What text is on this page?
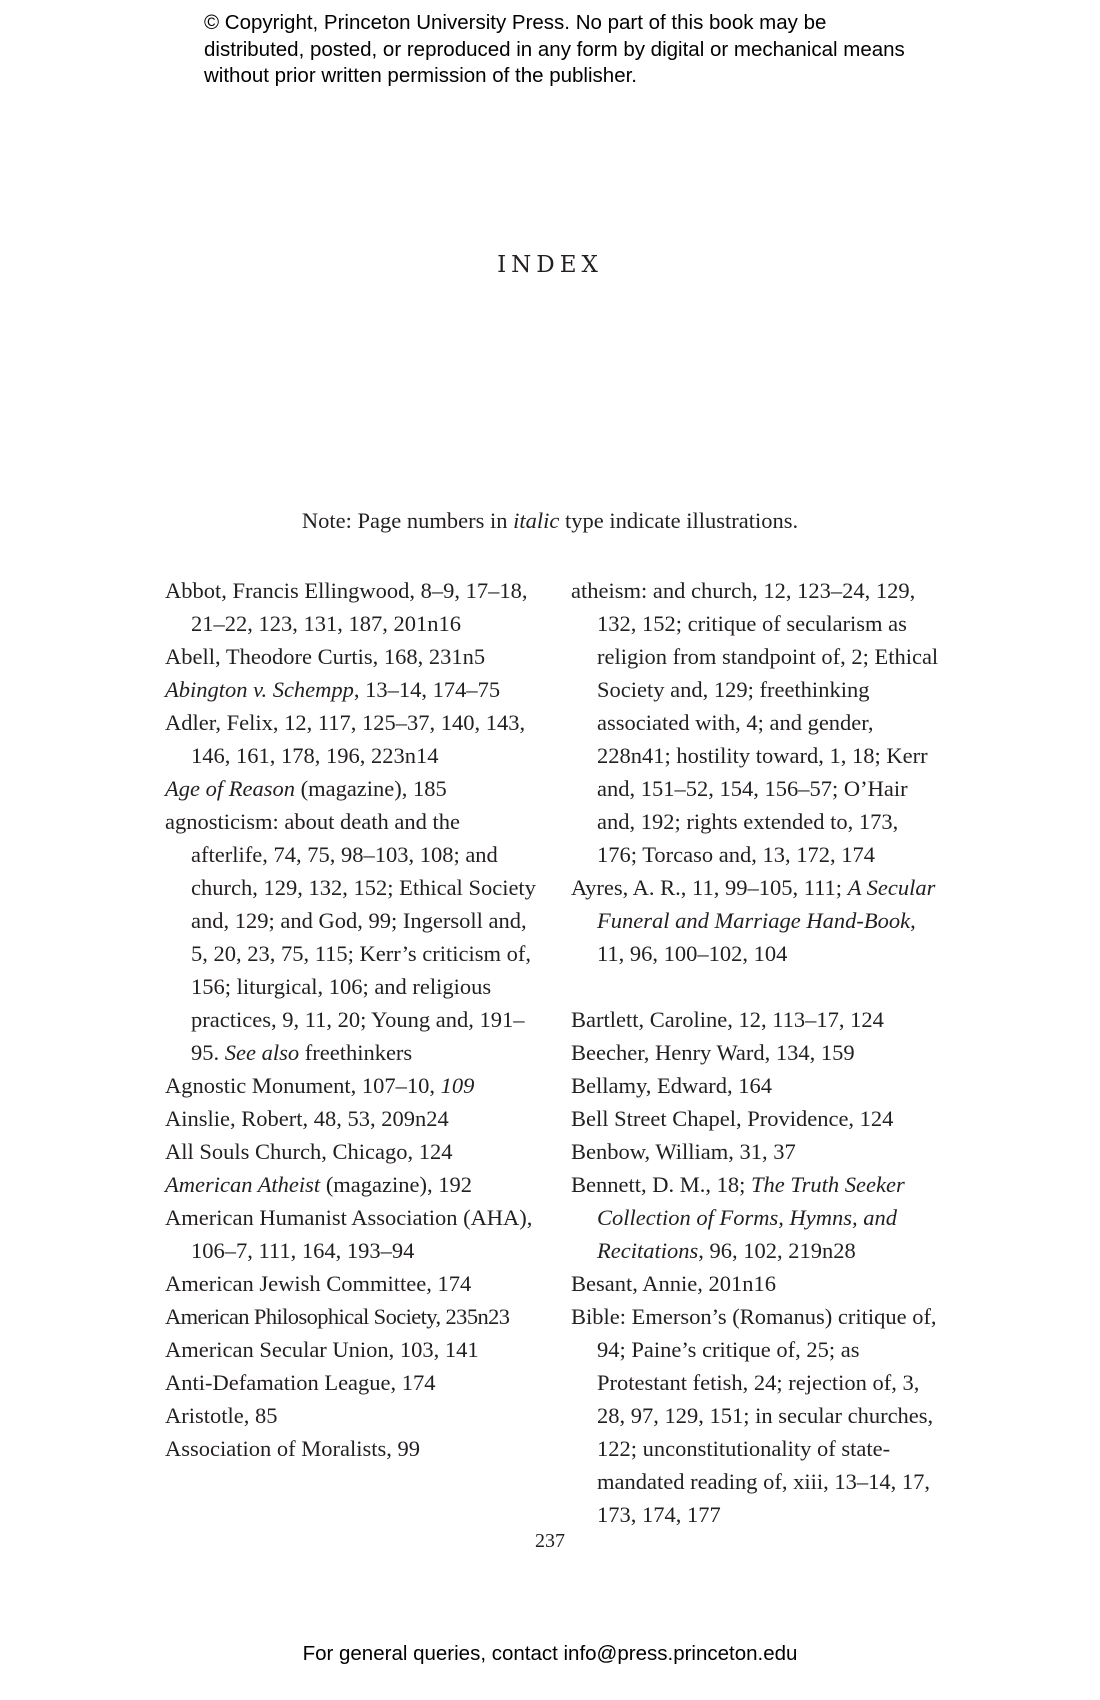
© Copyright, Princeton University Press. No part of this book may be distributed, posted, or reproduced in any form by digital or mechanical means without prior written permission of the publisher.
INDEX
Note: Page numbers in italic type indicate illustrations.

Abbot, Francis Ellingwood, 8–9, 17–18, 21–22, 123, 131, 187, 201n16

Abell, Theodore Curtis, 168, 231n5

Abington v. Schempp, 13–14, 174–75

Adler, Felix, 12, 117, 125–37, 140, 143, 146, 161, 178, 196, 223n14

Age of Reason (magazine), 185

agnosticism: about death and the afterlife, 74, 75, 98–103, 108; and church, 129, 132, 152; Ethical Society and, 129; and God, 99; Ingersoll and, 5, 20, 23, 75, 115; Kerr’s criticism of, 156; liturgical, 106; and religious practices, 9, 11, 20; Young and, 191–95. See also freethinkers

Agnostic Monument, 107–10, 109

Ainslie, Robert, 48, 53, 209n24

All Souls Church, Chicago, 124

American Atheist (magazine), 192

American Humanist Association (AHA), 106–7, 111, 164, 193–94

American Jewish Committee, 174

American Philosophical Society, 235n23

American Secular Union, 103, 141

Anti-Defamation League, 174

Aristotle, 85

Association of Moralists, 99

atheism: and church, 12, 123–24, 129, 132, 152; critique of secularism as religion from standpoint of, 2; Ethical Society and, 129; freethinking associated with, 4; and gender, 228n41; hostility toward, 1, 18; Kerr and, 151–52, 154, 156–57; O’Hair and, 192; rights extended to, 173, 176; Torcaso and, 13, 172, 174

Ayres, A. R., 11, 99–105, 111; A Secular Funeral and Marriage Hand-Book, 11, 96, 100–102, 104

Bartlett, Caroline, 12, 113–17, 124

Beecher, Henry Ward, 134, 159

Bellamy, Edward, 164

Bell Street Chapel, Providence, 124

Benbow, William, 31, 37

Bennett, D. M., 18; The Truth Seeker Collection of Forms, Hymns, and Recitations, 96, 102, 219n28

Besant, Annie, 201n16

Bible: Emerson’s (Romanus) critique of, 94; Paine’s critique of, 25; as Protestant fetish, 24; rejection of, 3, 28, 97, 129, 151; in secular churches, 122; unconstitutionality of state-mandated reading of, xiii, 13–14, 17, 173, 174, 177

237
For general queries, contact info@press.princeton.edu
